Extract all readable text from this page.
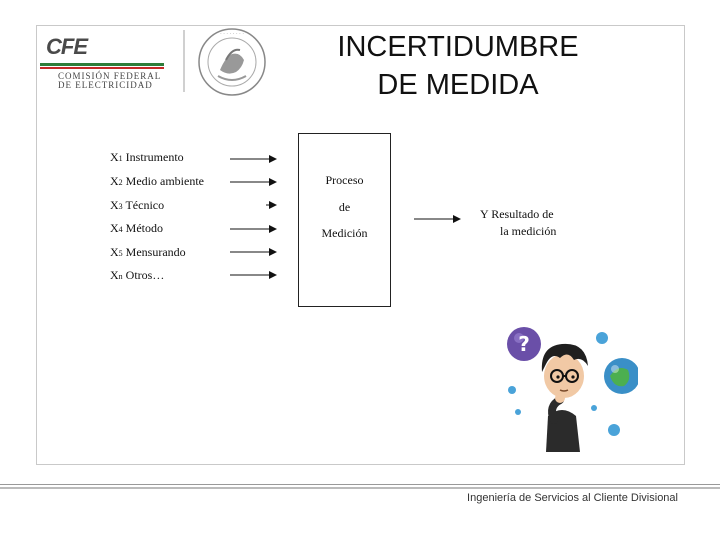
CFE
COMISIÓN FEDERAL
DE ELECTRICIDAD
· · · · · · · ·	INCERTIDUMBRE
DE MEDIDA
X1 Instrumento
X2 Medio ambiente
X3 Técnico
X4 Método
X5 Mensurando
Xn Otros…
Proceso
de
Medición
Y Resultado de
la medición
?
Ingeniería de Servicios al Cliente Divisional
